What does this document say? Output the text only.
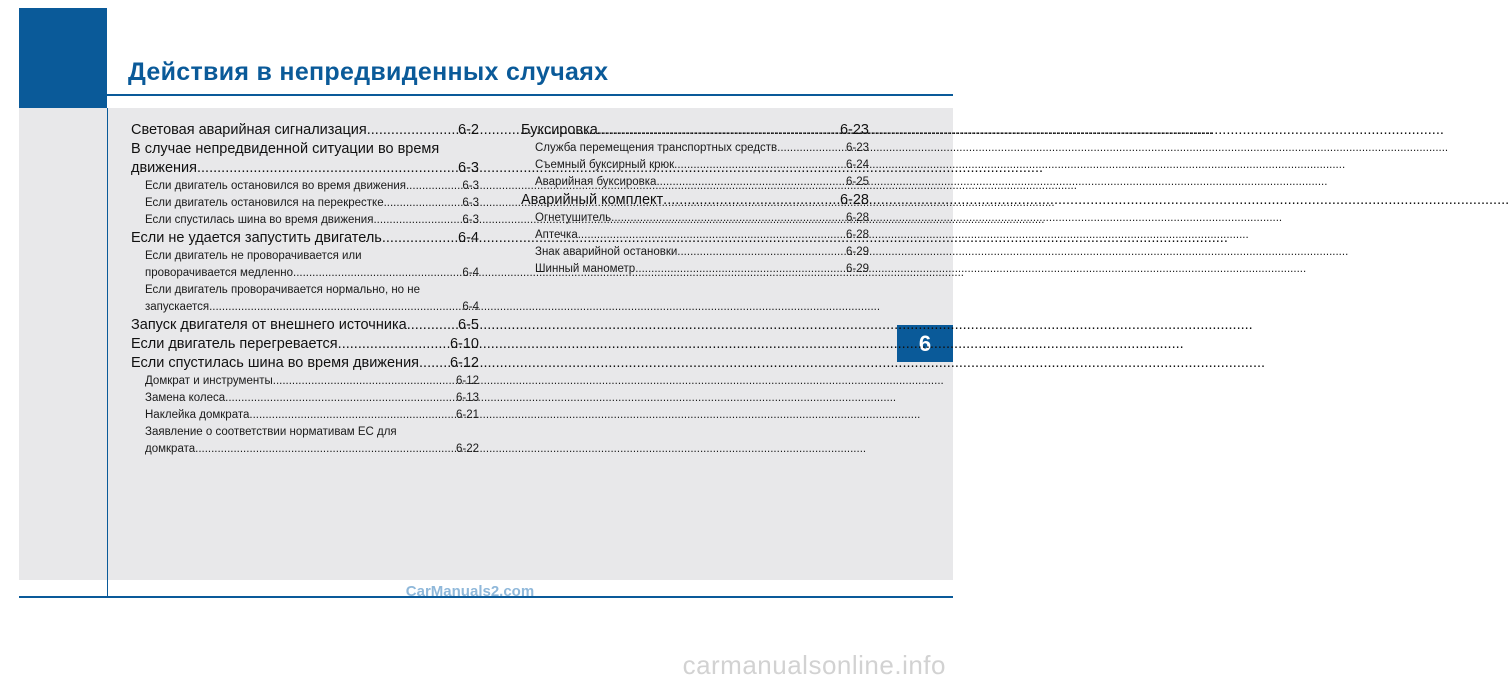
Действия в непредвиденных случаях
6
Световая аварийная сигнализация .....	6-2
В случае непредвиденной ситуации во время
движения .....	6-3
Если двигатель остановился во время движения .....	6-3
Если двигатель остановился на перекрестке .....	6-3
Если спустилась шина во время движения .....	6-3
Если не удается запустить двигатель .....	6-4
Если двигатель не проворачивается или
проворачивается медленно .....	6-4
Если двигатель проворачивается нормально, но не
запускается .....	6-4
Запуск двигателя от внешнего источника .....	6-5
Если двигатель перегревается .....	6-10
Если спустилась шина во время движения ..... 6-12
Домкрат и инструменты .....	6-12
Замена колеса .....	6-13
Наклейка домкрата .....	6-21
Заявление о соответствии нормативам ЕС для
домкрата .....	6-22
Буксировка .....	6-23
Служба перемещения транспортных средств .....	6-23
Съемный буксирный крюк .....	6-24
Аварийная буксировка .....	6-25
Аварийный комплект .....	6-28
Огнетушитель .....	6-28
Аптечка .....	6-28
Знак аварийной остановки .....	6-29
Шинный манометр .....	6-29
CarManuals2.com
carmanualsonline.info
